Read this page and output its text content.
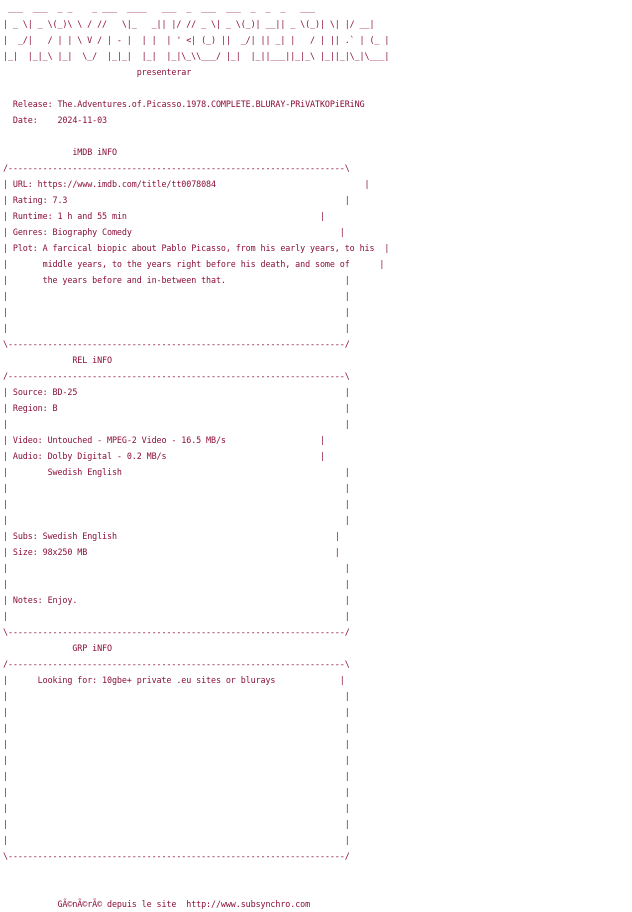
___  ___  _ _    _ ___  ____   ___  _  ___  ___  _  _  _   ___
| _ \| _ \(_)\ \ / //   \|_   _|| |/ // _ \| _ \(_)| __|| _ \(_)| \| |/ __|
|  _/|   / | | \ V / | - |  | |  | ' <| (_) ||  _/| || _| |   / | || .` | (_ |
|_|  |_|_\ |_|  \_/  |_|_|  |_|  |_|\_\\___/ |_|  |_||___||_|_\ |_||_|\_|\___|
presenterar

Release: The.Adventures.of.Picasso.1978.COMPLETE.BLURAY-PRiVATKOPiERiNG
Date: 2024-11-03

iMDB iNFO
/--------------------------------------------------------------------\
| URL: https://www.imdb.com/title/tt0078084	|
| Rating: 7.3	|
| Runtime: 1 h and 55 min	|
| Genres: Biography Comedy	|
| Plot: A farcical biopic about Pablo Picasso, from his early years, to his  |
|	middle years, to the years right before his death, and some of	|
|	the years before and in-between that.	|
|                                                                    |
|                                                                    |
|                                                                    |
\--------------------------------------------------------------------/
REL iNFO
/--------------------------------------------------------------------\
| Source: BD-25	|
| Region: B	|
|                                                                    |
| Video: Untouched - MPEG-2 Video - 16.5 MB/s	|
| Audio: Dolby Digital - 0.2 MB/s	|
|	Swedish English	|
|                                                                    |
|                                                                    |
|                                                                    |
| Subs: Swedish English	|
| Size: 98x250 MB	|
|                                                                    |
|                                                                    |
| Notes: Enjoy.	|
|                                                                    |
\--------------------------------------------------------------------/
GRP iNFO
/--------------------------------------------------------------------\
|	Looking for: 10gbe+ private .eu sites or blurays	|
|                                                                    |
|                                                                    |
|                                                                    |
|                                                                    |
|                                                                    |
|                                                                    |
|                                                                    |
|                                                                    |
|                                                                    |
|                                                                    |
\--------------------------------------------------------------------/

GÃ©nÃ©rÃ© depuis le site  http://www.subsynchro.com
